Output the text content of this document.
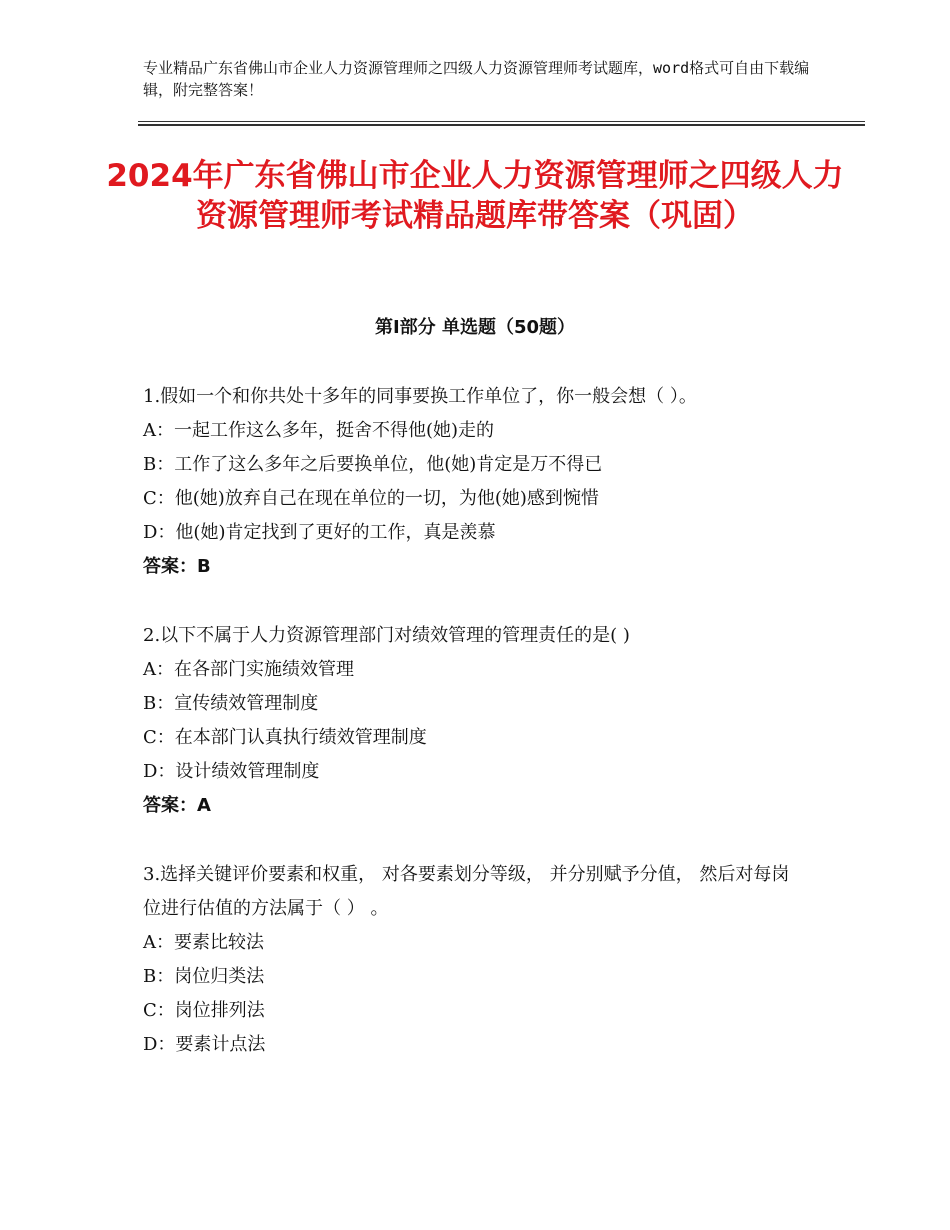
专业精品广东省佛山市企业人力资源管理师之四级人力资源管理师考试题库，word格式可自由下载编辑，附完整答案！
2024年广东省佛山市企业人力资源管理师之四级人力资源管理师考试精品题库带答案（巩固）
第Ⅰ部分 单选题（50题）

1.假如一个和你共处十多年的同事要换工作单位了，你一般会想（ ）。

A：一起工作这么多年，挺舍不得他(她)走的

B：工作了这么多年之后要换单位，他(她)肯定是万不得已

C：他(她)放弃自己在现在单位的一切，为他(她)感到惋惜

D：他(她)肯定找到了更好的工作，真是羡慕

答案：B

2.以下不属于人力资源管理部门对绩效管理的管理责任的是( )

A：在各部门实施绩效管理

B：宣传绩效管理制度

C：在本部门认真执行绩效管理制度

D：设计绩效管理制度

答案：A

3.选择关键评价要素和权重， 对各要素划分等级， 并分别赋予分值， 然后对每岗位进行估值的方法属于（ ） 。

A：要素比较法

B：岗位归类法

C：岗位排列法

D：要素计点法
